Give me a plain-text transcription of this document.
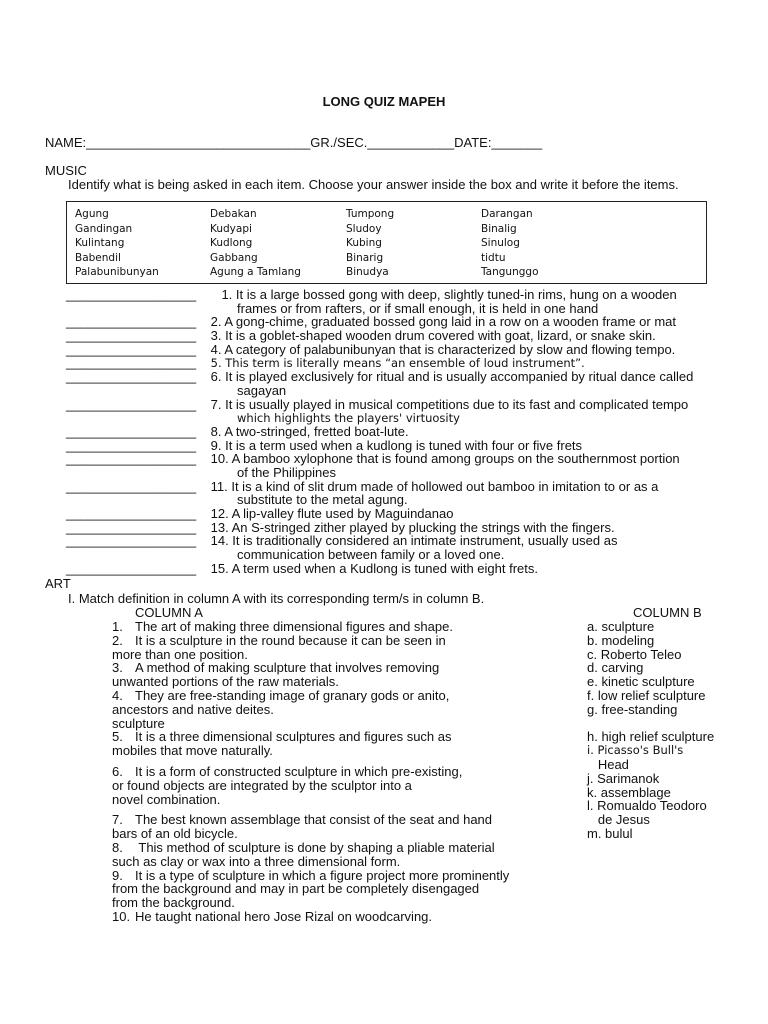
LONG QUIZ MAPEH
NAME:_______________________________GR./SEC.____________DATE:_______
MUSIC
Identify what is being asked in each item. Choose your answer inside the box and write it before the items.
Agung
Gandingan
Kulintang
Babendil
Palabunibunyan
Debakan
Kudyapi
Kudlong
Gabbang
Agung a Tamlang
Tumpong
Sludoy
Kubing
Binarig
Binudya
Darangan
Binalig
Sinulog
tidtu
Tangunggo
__________________ 1. It is a large bossed gong with deep, slightly tuned-in rims, hung on a wooden
frames or from rafters, or if small enough, it is held in one hand
__________________ 2. A gong-chime, graduated bossed gong laid in a row on a wooden frame or mat
__________________ 3. It is a goblet-shaped wooden drum covered with goat, lizard, or snake skin.
__________________ 4. A category of palabunibunyan that is characterized by slow and flowing tempo.
__________________ 5. This term is literally means “an ensemble of loud instrument”.
__________________ 6. It is played exclusively for ritual and is usually accompanied by ritual dance called
sagayan
__________________ 7. It is usually played in musical competitions due to its fast and complicated tempo
which highlights the players' virtuosity
__________________ 8. A two-stringed, fretted boat-lute.
__________________ 9. It is a term used when a kudlong is tuned with four or five frets
__________________ 10. A bamboo xylophone that is found among groups on the southernmost portion
of the Philippines
__________________ 11. It is a kind of slit drum made of hollowed out bamboo in imitation to or as a
substitute to the metal agung.
__________________ 12. A lip-valley flute used by Maguindanao
__________________ 13. An S-stringed zither played by plucking the strings with the fingers.
__________________ 14. It is traditionally considered an intimate instrument, usually used as
communication between family or a loved one.
__________________ 15. A term used when a Kudlong is tuned with eight frets.
ART
I. Match definition in column A with its corresponding term/s in column B.
COLUMN A	COLUMN B
1. The art of making three dimensional figures and shape.
2. It is a sculpture in the round because it can be seen in
more than one position.
3. A method of making sculpture that involves removing
unwanted portions of the raw materials.
4. They are free-standing image of granary gods or anito,
ancestors and native deites.
sculpture
5. It is a three dimensional sculptures and figures such as
mobiles that move naturally.
6. It is a form of constructed sculpture in which pre-existing,
or found objects are integrated by the sculptor into a
novel combination.
7. The best known assemblage that consist of the seat and hand
bars of an old bicycle.
8. This method of sculpture is done by shaping a pliable material
such as clay or wax into a three dimensional form.
9. It is a type of sculpture in which a figure project more prominently
from the background and may in part be completely disengaged
from the background.
10. He taught national hero Jose Rizal on woodcarving.
a. sculpture
b. modeling
c. Roberto Teleo
d. carving
e. kinetic sculpture
f. low relief sculpture
g. free-standing
h. high relief sculpture
i. Picasso's Bull's
Head
j. Sarimanok
k. assemblage
l. Romualdo Teodoro
de Jesus
m. bulul
